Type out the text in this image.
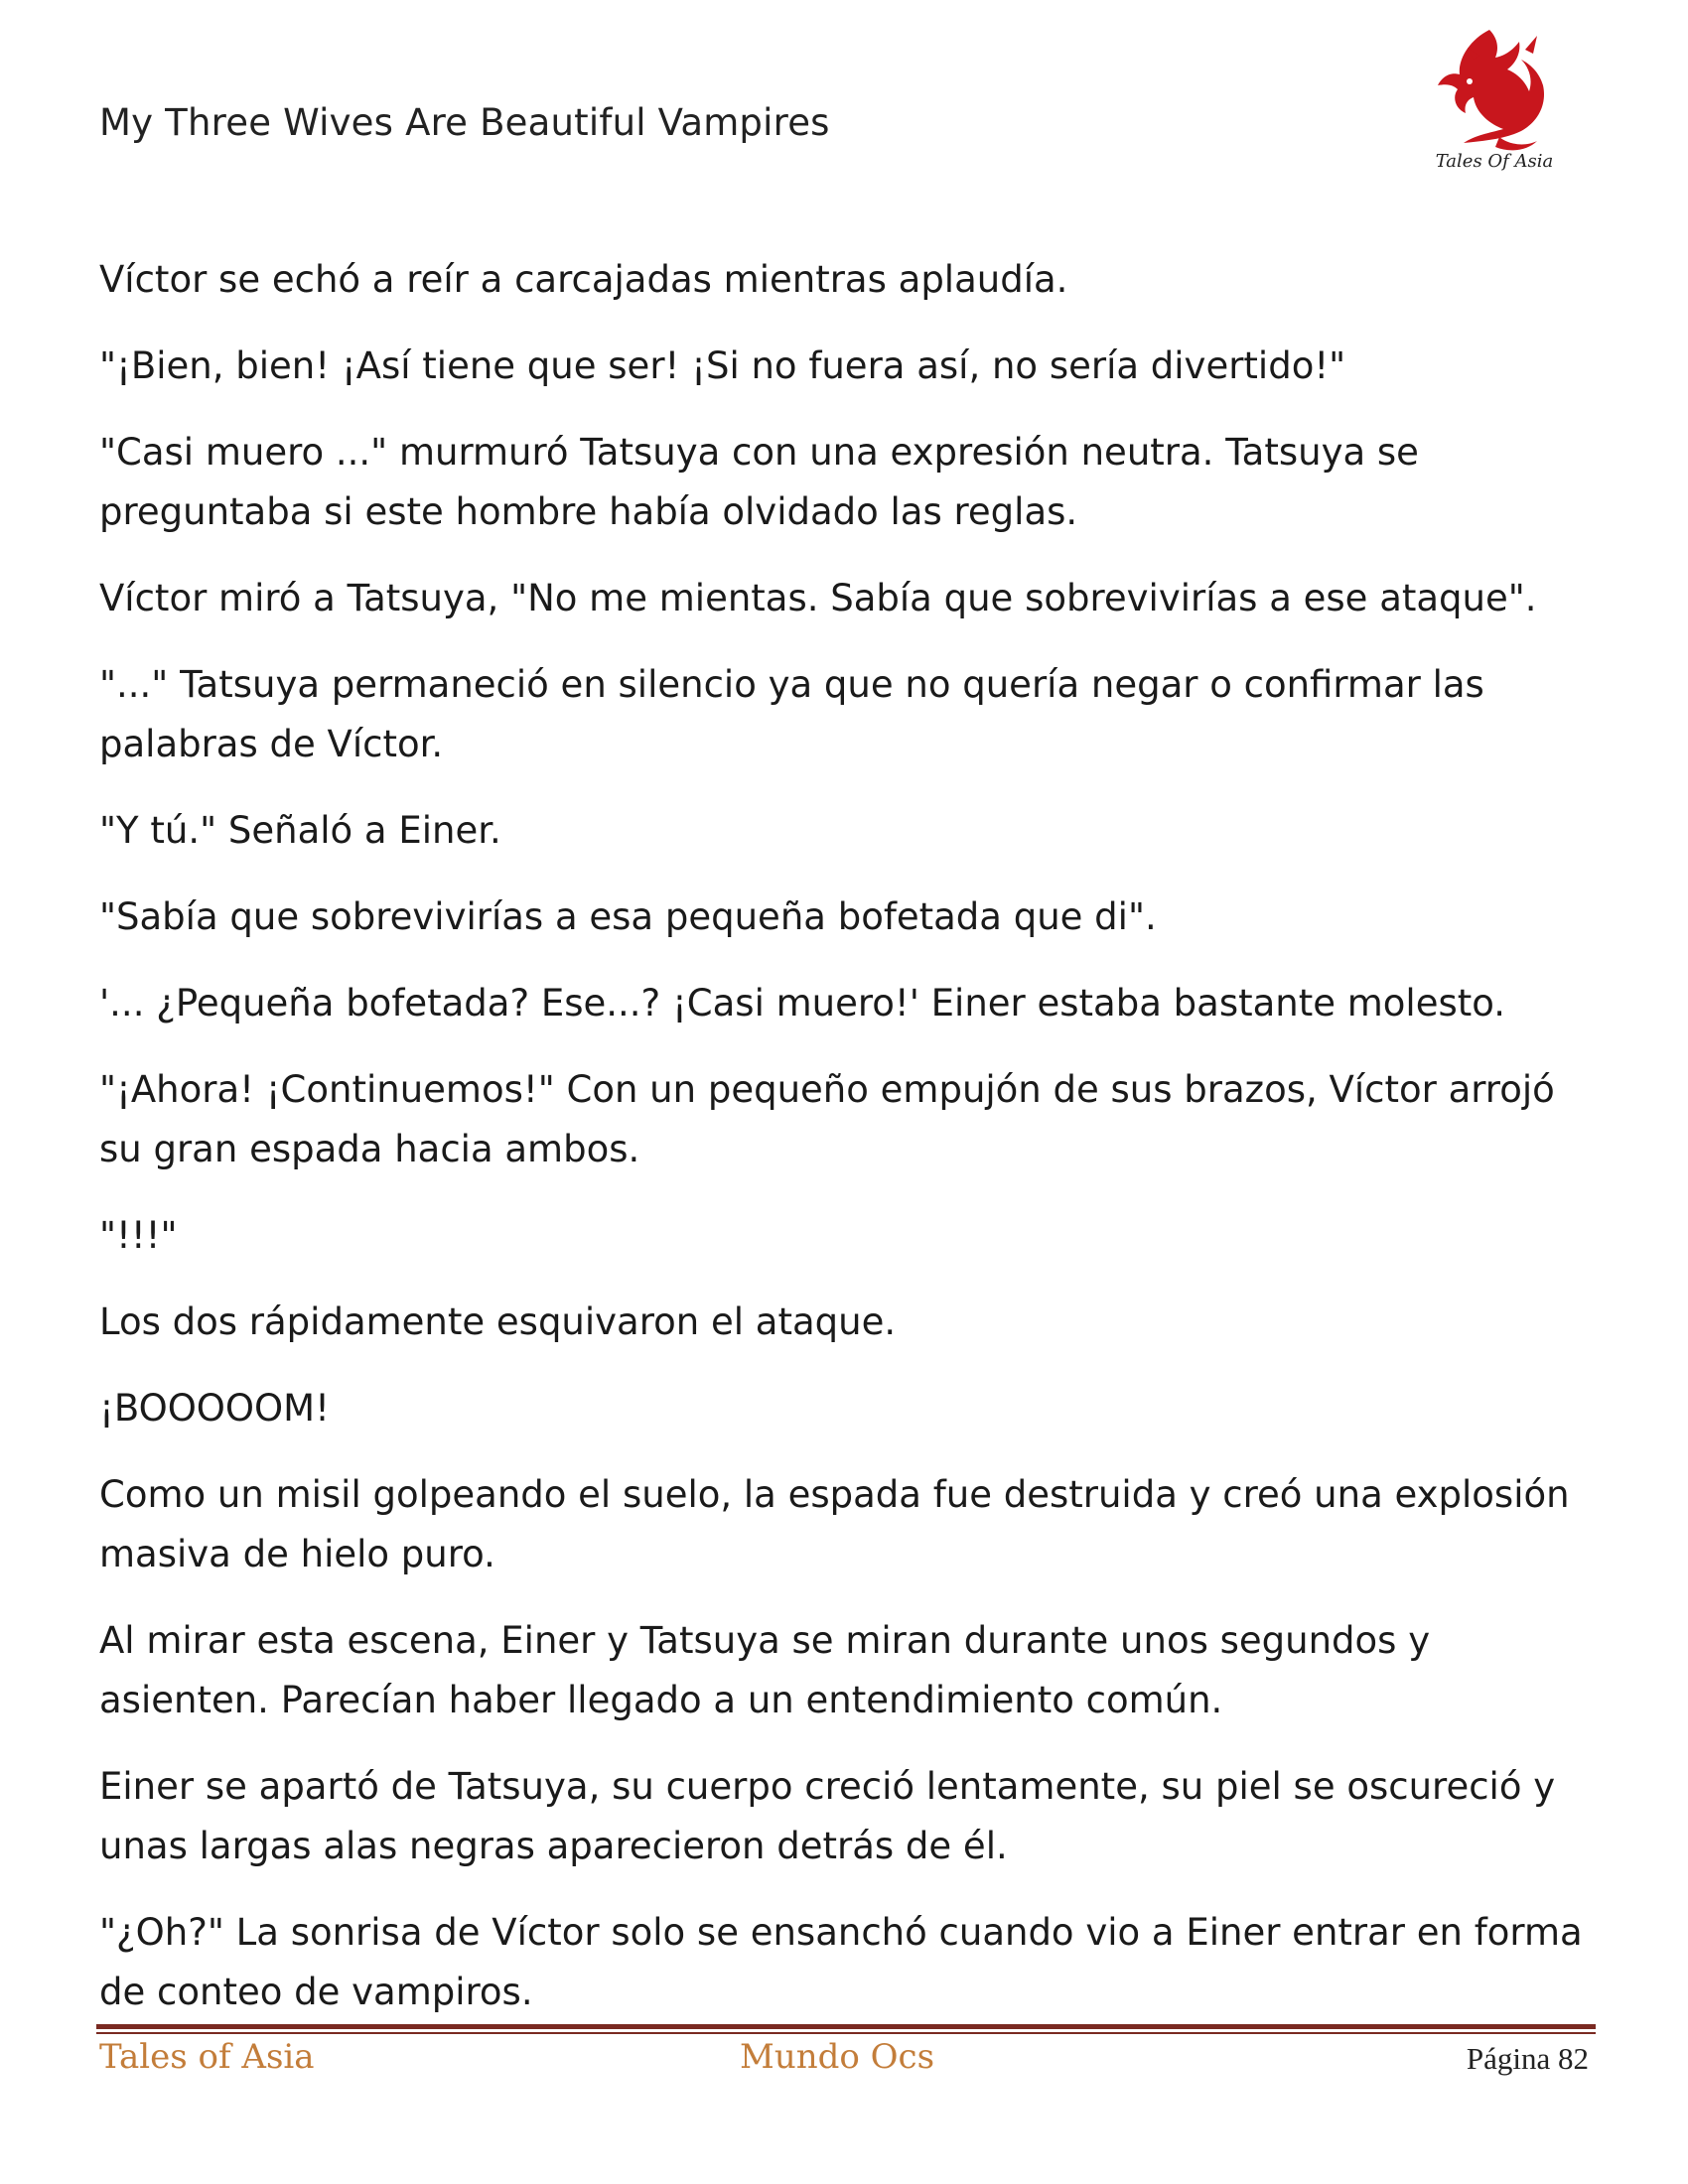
My Three Wives Are Beautiful Vampires
Tales Of Asia

Víctor se echó a reír a carcajadas mientras aplaudía.

"¡Bien, bien! ¡Así tiene que ser! ¡Si no fuera así, no sería divertido!"

"Casi muero ..." murmuró Tatsuya con una expresión neutra. Tatsuya se preguntaba si este hombre había olvidado las reglas.

Víctor miró a Tatsuya, "No me mientas. Sabía que sobrevivirías a ese ataque".

"..." Tatsuya permaneció en silencio ya que no quería negar o confirmar las palabras de Víctor.

"Y tú." Señaló a Einer.

"Sabía que sobrevivirías a esa pequeña bofetada que di".

'... ¿Pequeña bofetada? Ese...? ¡Casi muero!' Einer estaba bastante molesto.

"¡Ahora! ¡Continuemos!" Con un pequeño empujón de sus brazos, Víctor arrojó su gran espada hacia ambos.

"!!!"

Los dos rápidamente esquivaron el ataque.

¡BOOOOOM!

Como un misil golpeando el suelo, la espada fue destruida y creó una explosión masiva de hielo puro.

Al mirar esta escena, Einer y Tatsuya se miran durante unos segundos y asienten. Parecían haber llegado a un entendimiento común.

Einer se apartó de Tatsuya, su cuerpo creció lentamente, su piel se oscureció y unas largas alas negras aparecieron detrás de él.

"¿Oh?" La sonrisa de Víctor solo se ensanchó cuando vio a Einer entrar en forma de conteo de vampiros.

Tales of Asia	Mundo Ocs	Página 82
